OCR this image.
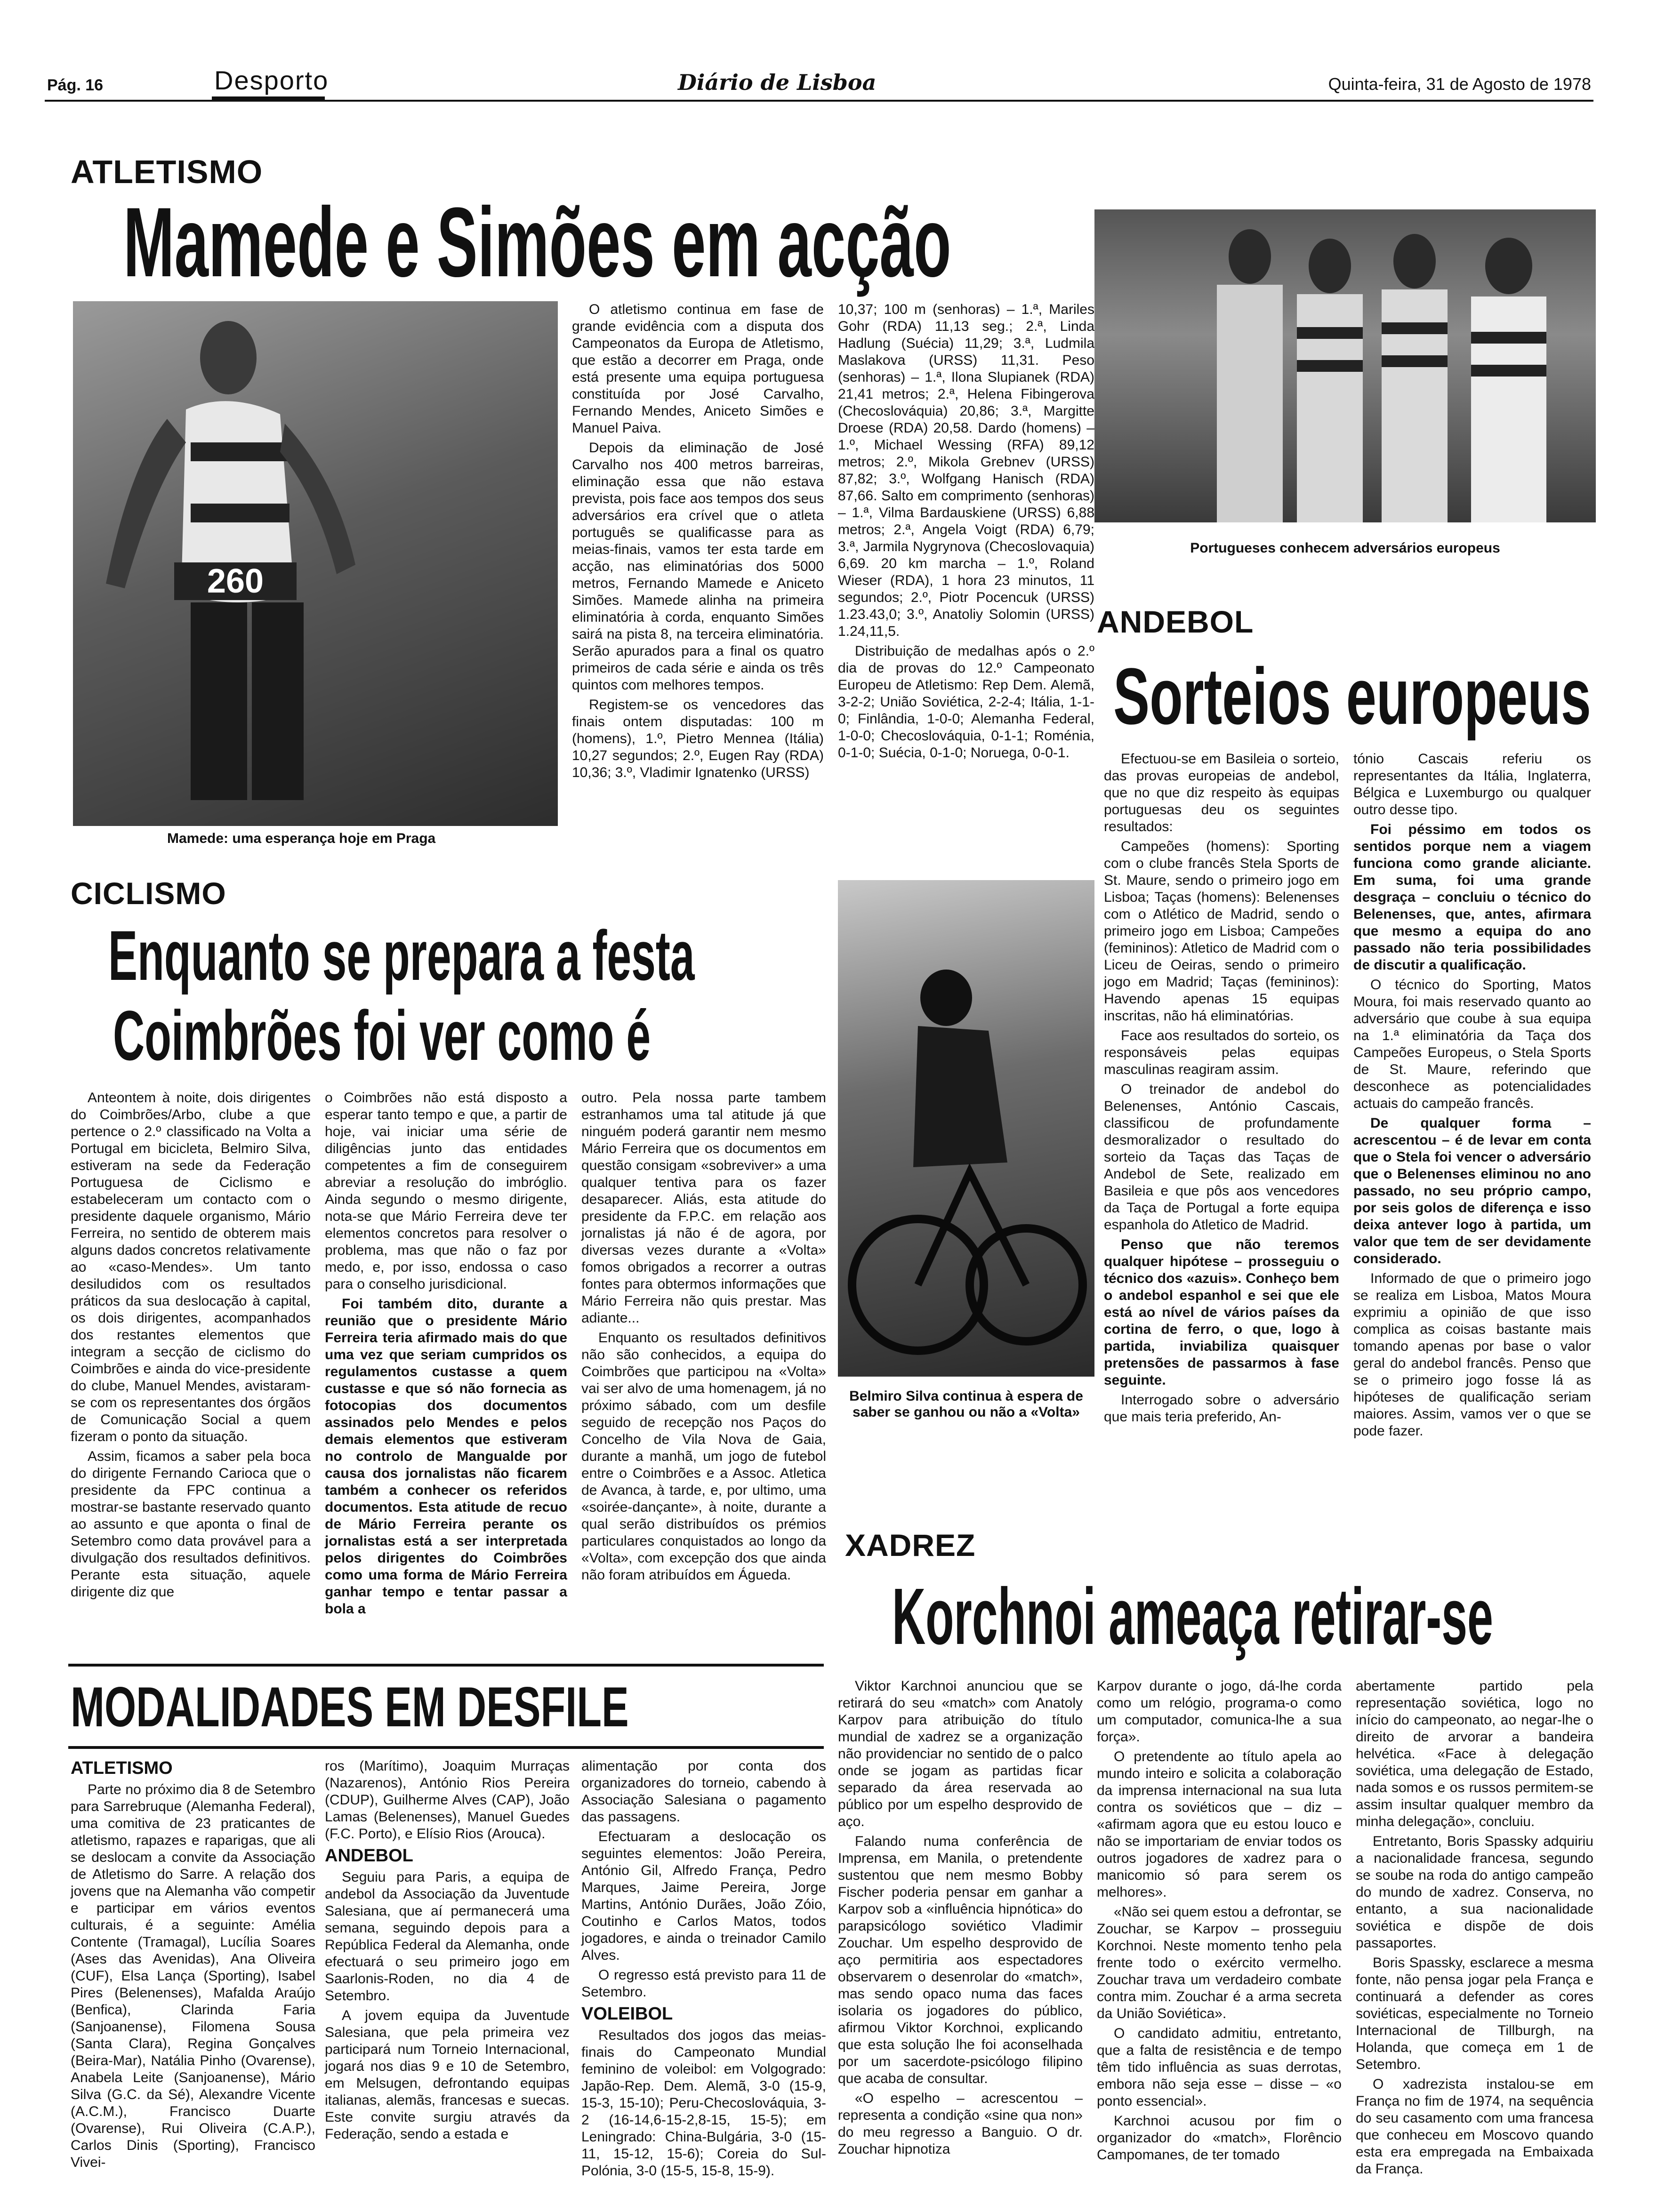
Pág. 16	Desporto	Diário de Lisboa	Quinta-feira, 31 de Agosto de 1978
ATLETISMO
Mamede e Simões em acção
260
Mamede: uma esperança hoje em Praga

O atletismo continua em fase de grande evidência com a disputa dos Campeonatos da Europa de Atletismo, que estão a decorrer em Praga, onde está presente uma equipa portuguesa constituída por José Carvalho, Fernando Mendes, Aniceto Simões e Manuel Paiva.

Depois da eliminação de José Carvalho nos 400 metros barreiras, eliminação essa que não estava prevista, pois face aos tempos dos seus adversários era crível que o atleta português se qualificasse para as meias-finais, vamos ter esta tarde em acção, nas eliminatórias dos 5000 metros, Fernando Mamede e Aniceto Simões. Mamede alinha na primeira eliminatória à corda, enquanto Simões sairá na pista 8, na terceira eliminatória. Serão apurados para a final os quatro primeiros de cada série e ainda os três quintos com melhores tempos.

Registem-se os vencedores das finais ontem disputadas: 100 m (homens), 1.º, Pietro Mennea (Itália) 10,27 segundos; 2.º, Eugen Ray (RDA) 10,36; 3.º, Vladimir Ignatenko (URSS)

10,37; 100 m (senhoras) – 1.ª, Mariles Gohr (RDA) 11,13 seg.; 2.ª, Linda Hadlung (Suécia) 11,29; 3.ª, Ludmila Maslakova (URSS) 11,31. Peso (senhoras) – 1.ª, Ilona Slupianek (RDA) 21,41 metros; 2.ª, Helena Fibingerova (Checoslováquia) 20,86; 3.ª, Margitte Droese (RDA) 20,58. Dardo (homens) – 1.º, Michael Wessing (RFA) 89,12 metros; 2.º, Mikola Grebnev (URSS) 87,82; 3.º, Wolfgang Hanisch (RDA) 87,66. Salto em comprimento (senhoras) – 1.ª, Vilma Bardauskiene (URSS) 6,88 metros; 2.ª, Angela Voigt (RDA) 6,79; 3.ª, Jarmila Nygrynova (Checoslovaquia) 6,69. 20 km marcha – 1.º, Roland Wieser (RDA), 1 hora 23 minutos, 11 segundos; 2.º, Piotr Pocencuk (URSS) 1.23.43,0; 3.º, Anatoliy Solomin (URSS) 1.24,11,5.

Distribuição de medalhas após o 2.º dia de provas do 12.º Campeonato Europeu de Atletismo: Rep Dem. Alemã, 3-2-2; União Soviética, 2-2-4; Itália, 1-1-0; Finlândia, 1-0-0; Alemanha Federal, 1-0-0; Checoslováquia, 0-1-1; Roménia, 0-1-0; Suécia, 0-1-0; Noruega, 0-0-1.

Portugueses conhecem adversários europeus
ANDEBOL
Sorteios europeus

Efectuou-se em Basileia o sorteio, das provas europeias de andebol, que no que diz respeito às equipas portuguesas deu os seguintes resultados:

Campeões (homens): Sporting com o clube francês Stela Sports de St. Maure, sendo o primeiro jogo em Lisboa; Taças (homens): Belenenses com o Atlético de Madrid, sendo o primeiro jogo em Lisboa; Campeões (femininos): Atletico de Madrid com o Liceu de Oeiras, sendo o primeiro jogo em Madrid; Taças (femininos): Havendo apenas 15 equipas inscritas, não há eliminatórias.

Face aos resultados do sorteio, os responsáveis pelas equipas masculinas reagiram assim.

O treinador de andebol do Belenenses, António Cascais, classificou de profundamente desmoralizador o resultado do sorteio da Taças das Taças de Andebol de Sete, realizado em Basileia e que pôs aos vencedores da Taça de Portugal a forte equipa espanhola do Atletico de Madrid.

Penso que não teremos qualquer hipótese – prosseguiu o técnico dos «azuis». Conheço bem o andebol espanhol e sei que ele está ao nível de vários países da cortina de ferro, o que, logo à partida, inviabiliza quaisquer pretensões de passarmos à fase seguinte.

Interrogado sobre o adversário que mais teria preferido, An-

tónio Cascais referiu os representantes da Itália, Inglaterra, Bélgica e Luxemburgo ou qualquer outro desse tipo.

Foi péssimo em todos os sentidos porque nem a viagem funciona como grande aliciante. Em suma, foi uma grande desgraça – concluiu o técnico do Belenenses, que, antes, afirmara que mesmo a equipa do ano passado não teria possibilidades de discutir a qualificação.

O técnico do Sporting, Matos Moura, foi mais reservado quanto ao adversário que coube à sua equipa na 1.ª eliminatória da Taça dos Campeões Europeus, o Stela Sports de St. Maure, referindo que desconhece as potencialidades actuais do campeão francês.

De qualquer forma – acrescentou – é de levar em conta que o Stela foi vencer o adversário que o Belenenses eliminou no ano passado, no seu próprio campo, por seis golos de diferença e isso deixa antever logo à partida, um valor que tem de ser devidamente considerado.

Informado de que o primeiro jogo se realiza em Lisboa, Matos Moura exprimiu a opinião de que isso complica as coisas bastante mais tomando apenas por base o valor geral do andebol francês. Penso que se o primeiro jogo fosse lá as hipóteses de qualificação seriam maiores. Assim, vamos ver o que se pode fazer.

CICLISMO
Enquanto se prepara a festa
Coimbrões foi ver como é
Belmiro Silva continua à espera de saber se ganhou ou não a «Volta»

Anteontem à noite, dois dirigentes do Coimbrões/Arbo, clube a que pertence o 2.º classificado na Volta a Portugal em bicicleta, Belmiro Silva, estiveram na sede da Federação Portuguesa de Ciclismo e estabeleceram um contacto com o presidente daquele organismo, Mário Ferreira, no sentido de obterem mais alguns dados concretos relativamente ao «caso-Mendes». Um tanto desiludidos com os resultados práticos da sua deslocação à capital, os dois dirigentes, acompanhados dos restantes elementos que integram a secção de ciclismo do Coimbrões e ainda do vice-presidente do clube, Manuel Mendes, avistaram-se com os representantes dos órgãos de Comunicação Social a quem fizeram o ponto da situação.

Assim, ficamos a saber pela boca do dirigente Fernando Carioca que o presidente da FPC continua a mostrar-se bastante reservado quanto ao assunto e que aponta o final de Setembro como data provável para a divulgação dos resultados definitivos. Perante esta situação, aquele dirigente diz que

o Coimbrões não está disposto a esperar tanto tempo e que, a partir de hoje, vai iniciar uma série de diligências junto das entidades competentes a fim de conseguirem abreviar a resolução do imbróglio. Ainda segundo o mesmo dirigente, nota-se que Mário Ferreira deve ter elementos concretos para resolver o problema, mas que não o faz por medo, e, por isso, endossa o caso para o conselho jurisdicional.

Foi também dito, durante a reunião que o presidente Mário Ferreira teria afirmado mais do que uma vez que seriam cumpridos os regulamentos custasse a quem custasse e que só não fornecia as fotocopias dos documentos assinados pelo Mendes e pelos demais elementos que estiveram no controlo de Mangualde por causa dos jornalistas não ficarem também a conhecer os referidos documentos. Esta atitude de recuo de Mário Ferreira perante os jornalistas está a ser interpretada pelos dirigentes do Coimbrões como uma forma de Mário Ferreira ganhar tempo e tentar passar a bola a

outro. Pela nossa parte tambem estranhamos uma tal atitude já que ninguém poderá garantir nem mesmo Mário Ferreira que os documentos em questão consigam «sobreviver» a uma qualquer tentiva para os fazer desaparecer. Aliás, esta atitude do presidente da F.P.C. em relação aos jornalistas já não é de agora, por diversas vezes durante a «Volta» fomos obrigados a recorrer a outras fontes para obtermos informações que Mário Ferreira não quis prestar. Mas adiante...

Enquanto os resultados definitivos não são conhecidos, a equipa do Coimbrões que participou na «Volta» vai ser alvo de uma homenagem, já no próximo sábado, com um desfile seguido de recepção nos Paços do Concelho de Vila Nova de Gaia, durante a manhã, um jogo de futebol entre o Coimbrões e a Assoc. Atletica de Avanca, à tarde, e, por ultimo, uma «soirée-dançante», à noite, durante a qual serão distribuídos os prémios particulares conquistados ao longo da «Volta», com excepção dos que ainda não foram atribuídos em Águeda.

XADREZ
Korchnoi ameaça retirar-se

Viktor Karchnoi anunciou que se retirará do seu «match» com Anatoly Karpov para atribuição do título mundial de xadrez se a organização não providenciar no sentido de o palco onde se jogam as partidas ficar separado da área reservada ao público por um espelho desprovido de aço.

Falando numa conferência de Imprensa, em Manila, o pretendente sustentou que nem mesmo Bobby Fischer poderia pensar em ganhar a Karpov sob a «influência hipnótica» do parapsicólogo soviético Vladimir Zouchar. Um espelho desprovido de aço permitiria aos espectadores observarem o desenrolar do «match», mas sendo opaco numa das faces isolaria os jogadores do público, afirmou Viktor Korchnoi, explicando que esta solução lhe foi aconselhada por um sacerdote-psicólogo filipino que acaba de consultar.

«O espelho – acrescentou – representa a condição «sine qua non» do meu regresso a Banguio. O dr. Zouchar hipnotiza

Karpov durante o jogo, dá-lhe corda como um relógio, programa-o como um computador, comunica-lhe a sua força».

O pretendente ao título apela ao mundo inteiro e solicita a colaboração da imprensa internacional na sua luta contra os soviéticos que – diz – «afirmam agora que eu estou louco e não se importariam de enviar todos os outros jogadores de xadrez para o manicomio só para serem os melhores».

«Não sei quem estou a defrontar, se Zouchar, se Karpov – prosseguiu Korchnoi. Neste momento tenho pela frente todo o exército vermelho. Zouchar trava um verdadeiro combate contra mim. Zouchar é a arma secreta da União Soviética».

O candidato admitiu, entretanto, que a falta de resistência e de tempo têm tido influência as suas derrotas, embora não seja esse – disse – «o ponto essencial».

Karchnoi acusou por fim o organizador do «match», Florêncio Campomanes, de ter tomado

abertamente partido pela representação soviética, logo no início do campeonato, ao negar-lhe o direito de arvorar a bandeira helvética. «Face à delegação soviética, uma delegação de Estado, nada somos e os russos permitem-se assim insultar qualquer membro da minha delegação», concluiu.

Entretanto, Boris Spassky adquiriu a nacionalidade francesa, segundo se soube na roda do antigo campeão do mundo de xadrez. Conserva, no entanto, a sua nacionalidade soviética e dispõe de dois passaportes.

Boris Spassky, esclarece a mesma fonte, não pensa jogar pela França e continuará a defender as cores soviéticas, especialmente no Torneio Internacional de Tillburgh, na Holanda, que começa em 1 de Setembro.

O xadrezista instalou-se em França no fim de 1974, na sequência do seu casamento com uma francesa que conheceu em Moscovo quando esta era empregada na Embaixada da França.

MODALIDADES EM DESFILE

ATLETISMO

Parte no próximo dia 8 de Setembro para Sarrebruque (Alemanha Federal), uma comitiva de 23 praticantes de atletismo, rapazes e raparigas, que ali se deslocam a convite da Associação de Atletismo do Sarre. A relação dos jovens que na Alemanha vão competir e participar em vários eventos culturais, é a seguinte: Amélia Contente (Tramagal), Lucília Soares (Ases das Avenidas), Ana Oliveira (CUF), Elsa Lança (Sporting), Isabel Pires (Belenenses), Mafalda Araújo (Benfica), Clarinda Faria (Sanjoanense), Filomena Sousa (Santa Clara), Regina Gonçalves (Beira-Mar), Natália Pinho (Ovarense), Anabela Leite (Sanjoanense), Mário Silva (G.C. da Sé), Alexandre Vicente (A.C.M.), Francisco Duarte (Ovarense), Rui Oliveira (C.A.P.), Carlos Dinis (Sporting), Francisco Vivei-

ros (Marítimo), Joaquim Murraças (Nazarenos), António Rios Pereira (CDUP), Guilherme Alves (CAP), João Lamas (Belenenses), Manuel Guedes (F.C. Porto), e Elísio Rios (Arouca).

ANDEBOL

Seguiu para Paris, a equipa de andebol da Associação da Juventude Salesiana, que aí permanecerá uma semana, seguindo depois para a República Federal da Alemanha, onde efectuará o seu primeiro jogo em Saarlonis-Roden, no dia 4 de Setembro.

A jovem equipa da Juventude Salesiana, que pela primeira vez participará num Torneio Internacional, jogará nos dias 9 e 10 de Setembro, em Melsugen, defrontando equipas italianas, alemãs, francesas e suecas. Este convite surgiu através da Federação, sendo a estada e

alimentação por conta dos organizadores do torneio, cabendo à Associação Salesiana o pagamento das passagens.

Efectuaram a deslocação os seguintes elementos: João Pereira, António Gil, Alfredo França, Pedro Marques, Jaime Pereira, Jorge Martins, António Durães, João Zóio, Coutinho e Carlos Matos, todos jogadores, e ainda o treinador Camilo Alves.

O regresso está previsto para 11 de Setembro.

VOLEIBOL

Resultados dos jogos das meias-finais do Campeonato Mundial feminino de voleibol: em Volgogrado: Japão-Rep. Dem. Alemã, 3-0 (15-9, 15-3, 15-10); Peru-Checoslováquia, 3-2 (16-14,6-15-2,8-15, 15-5); em Leningrado: China-Bulgária, 3-0 (15-11, 15-12, 15-6); Coreia do Sul-Polónia, 3-0 (15-5, 15-8, 15-9).
